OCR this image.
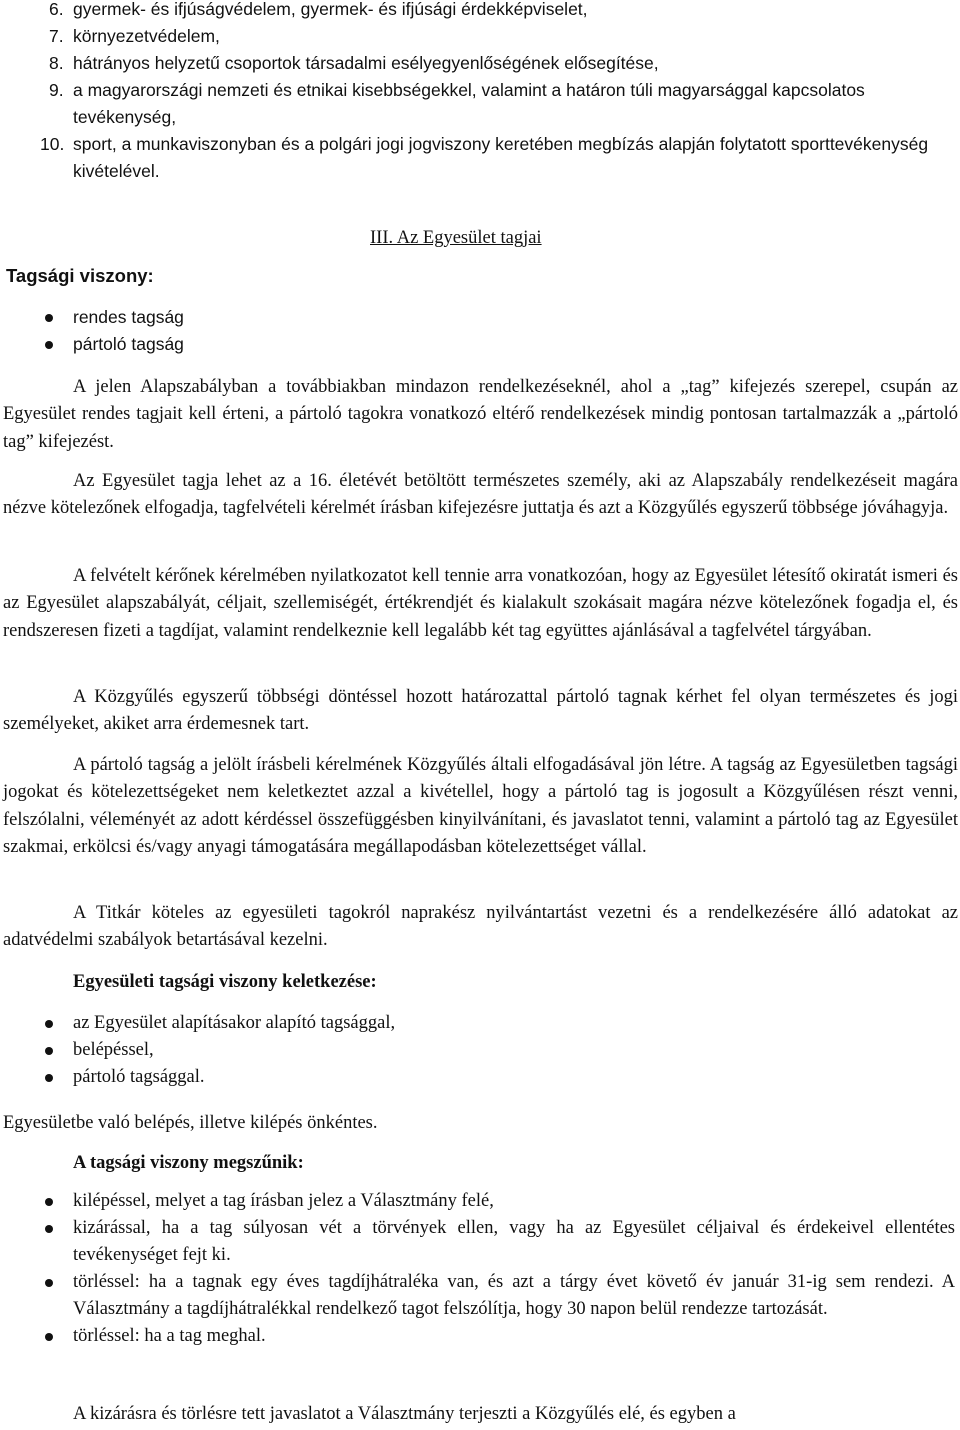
6. gyermek- és ifjúságvédelem, gyermek- és ifjúsági érdekképviselet,
7. környezetvédelem,
8. hátrányos helyzetű csoportok társadalmi esélyegyenlőségének elősegítése,
9. a magyarországi nemzeti és etnikai kisebbségekkel, valamint a határon túli magyarsággal kapcsolatos tevékenység,
10. sport, a munkaviszonyban és a polgári jogi jogviszony keretében megbízás alapján folytatott sporttevékenység kivételével.
III. Az Egyesület tagjai

Tagsági viszony:

rendes tagság
pártoló tagság

A jelen Alapszabályban a továbbiakban mindazon rendelkezéseknél, ahol a „tag” kifejezés szerepel, csupán az Egyesület rendes tagjait kell érteni, a pártoló tagokra vonatkozó eltérő rendelkezések mindig pontosan tartalmazzák a „pártoló tag” kifejezést.

Az Egyesület tagja lehet az a 16. életévét betöltött természetes személy, aki az Alapszabály rendelkezéseit magára nézve kötelezőnek elfogadja, tagfelvételi kérelmét írásban kifejezésre juttatja és azt a Közgyűlés egyszerű többsége jóváhagyja.

A felvételt kérőnek kérelmében nyilatkozatot kell tennie arra vonatkozóan, hogy az Egyesület létesítő okiratát ismeri és az Egyesület alapszabályát, céljait, szellemiségét, értékrendjét és kialakult szokásait magára nézve kötelezőnek fogadja el, és rendszeresen fizeti a tagdíjat, valamint rendelkeznie kell legalább két tag együttes ajánlásával a tagfelvétel tárgyában.

A Közgyűlés egyszerű többségi döntéssel hozott határozattal pártoló tagnak kérhet fel olyan természetes és jogi személyeket, akiket arra érdemesnek tart.

A pártoló tagság a jelölt írásbeli kérelmének Közgyűlés általi elfogadásával jön létre. A tagság az Egyesületben tagsági jogokat és kötelezettségeket nem keletkeztet azzal a kivétellel, hogy a pártoló tag is jogosult a Közgyűlésen részt venni, felszólalni, véleményét az adott kérdéssel összefüggésben kinyilvánítani, és javaslatot tenni, valamint a pártoló tag az Egyesület szakmai, erkölcsi és/vagy anyagi támogatására megállapodásban kötelezettséget vállal.

A Titkár köteles az egyesületi tagokról naprakész nyilvántartást vezetni és a rendelkezésére álló adatokat az adatvédelmi szabályok betartásával kezelni.

Egyesületi tagsági viszony keletkezése:

az Egyesület alapításakor alapító tagsággal,
belépéssel,
pártoló tagsággal.

Egyesületbe való belépés, illetve kilépés önkéntes.

A tagsági viszony megszűnik:

kilépéssel, melyet a tag írásban jelez a Választmány felé,
kizárással, ha a tag súlyosan vét a törvények ellen, vagy ha az Egyesület céljaival és érdekeivel ellentétes tevékenységet fejt ki.
törléssel: ha a tagnak egy éves tagdíjhátraléka van, és azt a tárgy évet követő év január 31-ig sem rendezi. A Választmány a tagdíjhátralékkal rendelkező tagot felszólítja, hogy 30 napon belül rendezze tartozását.
törléssel: ha a tag meghal.

A kizárásra és törlésre tett javaslatot a Választmány terjeszti a Közgyűlés elé, és egyben a
